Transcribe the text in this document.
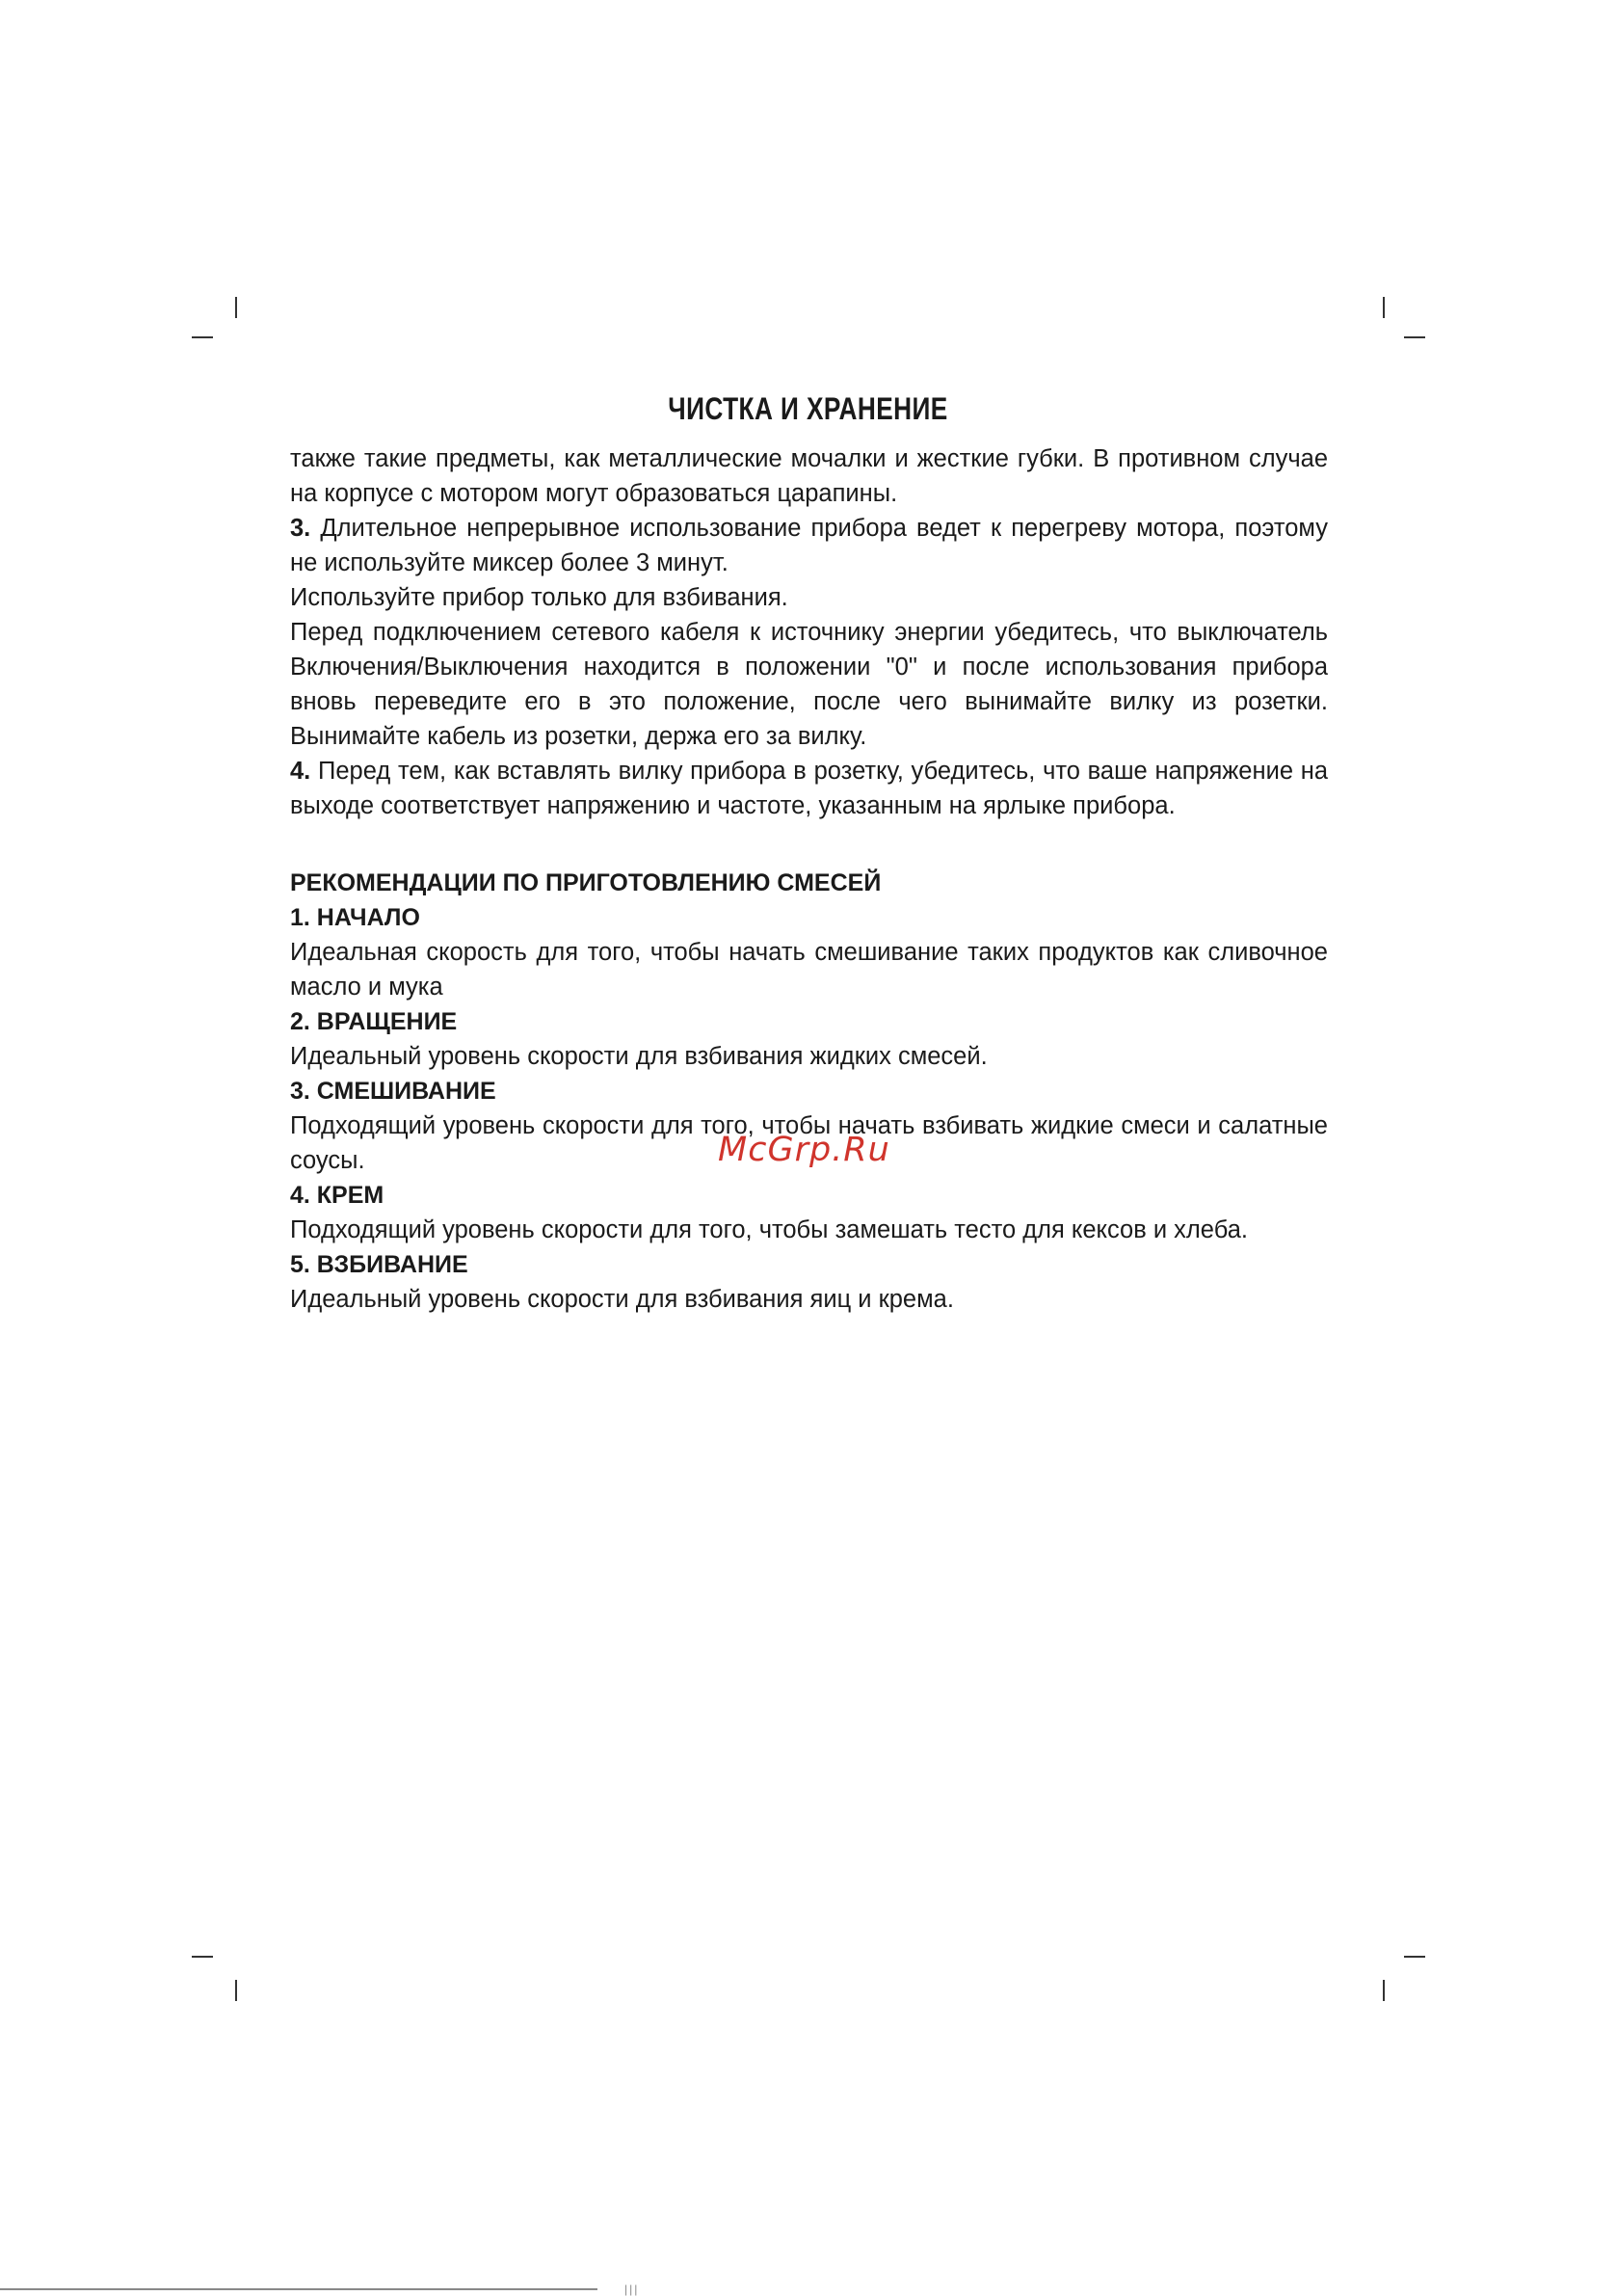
ЧИСТКА И ХРАНЕНИЕ

также такие предметы, как металлические мочалки и жесткие губки. В противном случае на корпусе с мотором могут образоваться царапины.

3. Длительное непрерывное использование прибора ведет к перегреву мотора, поэтому не используйте миксер более 3 минут.

Используйте прибор только для взбивания.

Перед подключением сетевого кабеля к источнику энергии убедитесь, что выключатель Включения/Выключения находится в положении "0" и после использования прибора вновь переведите его в это положение, после чего вынимайте вилку из розетки. Вынимайте кабель из розетки, держа его за вилку.

4. Перед тем, как вставлять вилку прибора в розетку, убедитесь, что ваше напряжение на выходе соответствует напряжению и частоте, указанным на ярлыке прибора.

РЕКОМЕНДАЦИИ ПО ПРИГОТОВЛЕНИЮ СМЕСЕЙ

1. НАЧАЛО

Идеальная скорость для того, чтобы начать смешивание таких продуктов как сливочное масло и мука

2. ВРАЩЕНИЕ

Идеальный уровень скорости для взбивания жидких смесей.

3. СМЕШИВАНИЕ

Подходящий уровень скорости для того, чтобы начать взбивать жидкие смеси и салатные соусы.

4. КРЕМ

Подходящий уровень скорости для того, чтобы замешать тесто для кексов и хлеба.

5. ВЗБИВАНИЕ

Идеальный уровень скорости для взбивания яиц и крема.

McGrp.Ru
|||
